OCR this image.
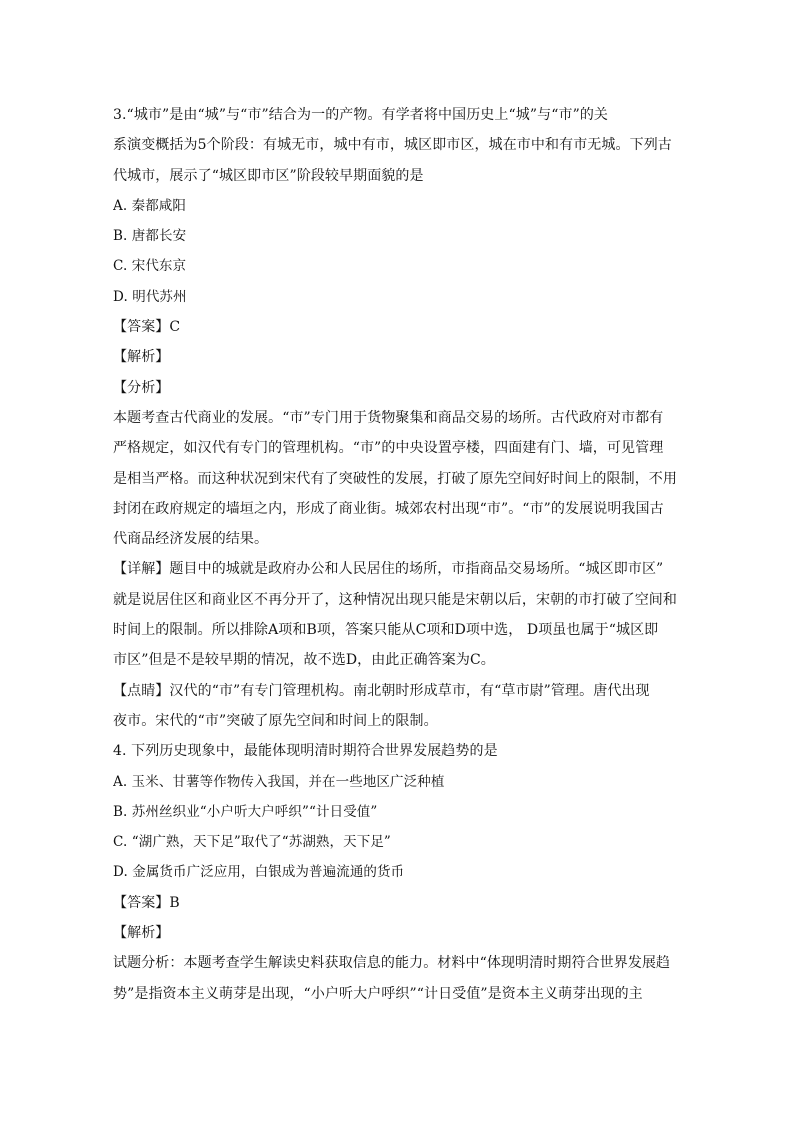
3.“城市”是由“城”与“市”结合为一的产物。有学者将中国历史上“城”与“市”的关
系演变概括为5个阶段：有城无市，城中有市，城区即市区，城在市中和有市无城。下列古
代城市，展示了“城区即市区”阶段较早期面貌的是
A. 秦都咸阳
B. 唐都长安
C. 宋代东京
D. 明代苏州
【答案】C
【解析】
【分析】
本题考查古代商业的发展。“市”专门用于货物聚集和商品交易的场所。古代政府对市都有
严格规定，如汉代有专门的管理机构。“市”的中央设置亭楼，四面建有门、墙，可见管理
是相当严格。而这种状况到宋代有了突破性的发展，打破了原先空间好时间上的限制，不用
封闭在政府规定的墙垣之内，形成了商业街。城郊农村出现“市”。“市”的发展说明我国古
代商品经济发展的结果。
【详解】题目中的城就是政府办公和人民居住的场所，市指商品交易场所。“城区即市区”
就是说居住区和商业区不再分开了，这种情况出现只能是宋朝以后，宋朝的市打破了空间和
时间上的限制。所以排除A项和B项，答案只能从C项和D项中选， D项虽也属于“城区即
市区”但是不是较早期的情况，故不选D，由此正确答案为C。
【点睛】汉代的“市”有专门管理机构。南北朝时形成草市，有“草市尉”管理。唐代出现
夜市。宋代的“市”突破了原先空间和时间上的限制。
4. 下列历史现象中，最能体现明清时期符合世界发展趋势的是
A. 玉米、甘薯等作物传入我国，并在一些地区广泛种植
B. 苏州丝织业“小户听大户呼织”“计日受值”
C. “湖广熟，天下足”取代了“苏湖熟，天下足”
D. 金属货币广泛应用，白银成为普遍流通的货币
【答案】B
【解析】
试题分析：本题考查学生解读史料获取信息的能力。材料中“体现明清时期符合世界发展趋
势”是指资本主义萌芽是出现，“小户听大户呼织”“计日受值”是资本主义萌芽出现的主
